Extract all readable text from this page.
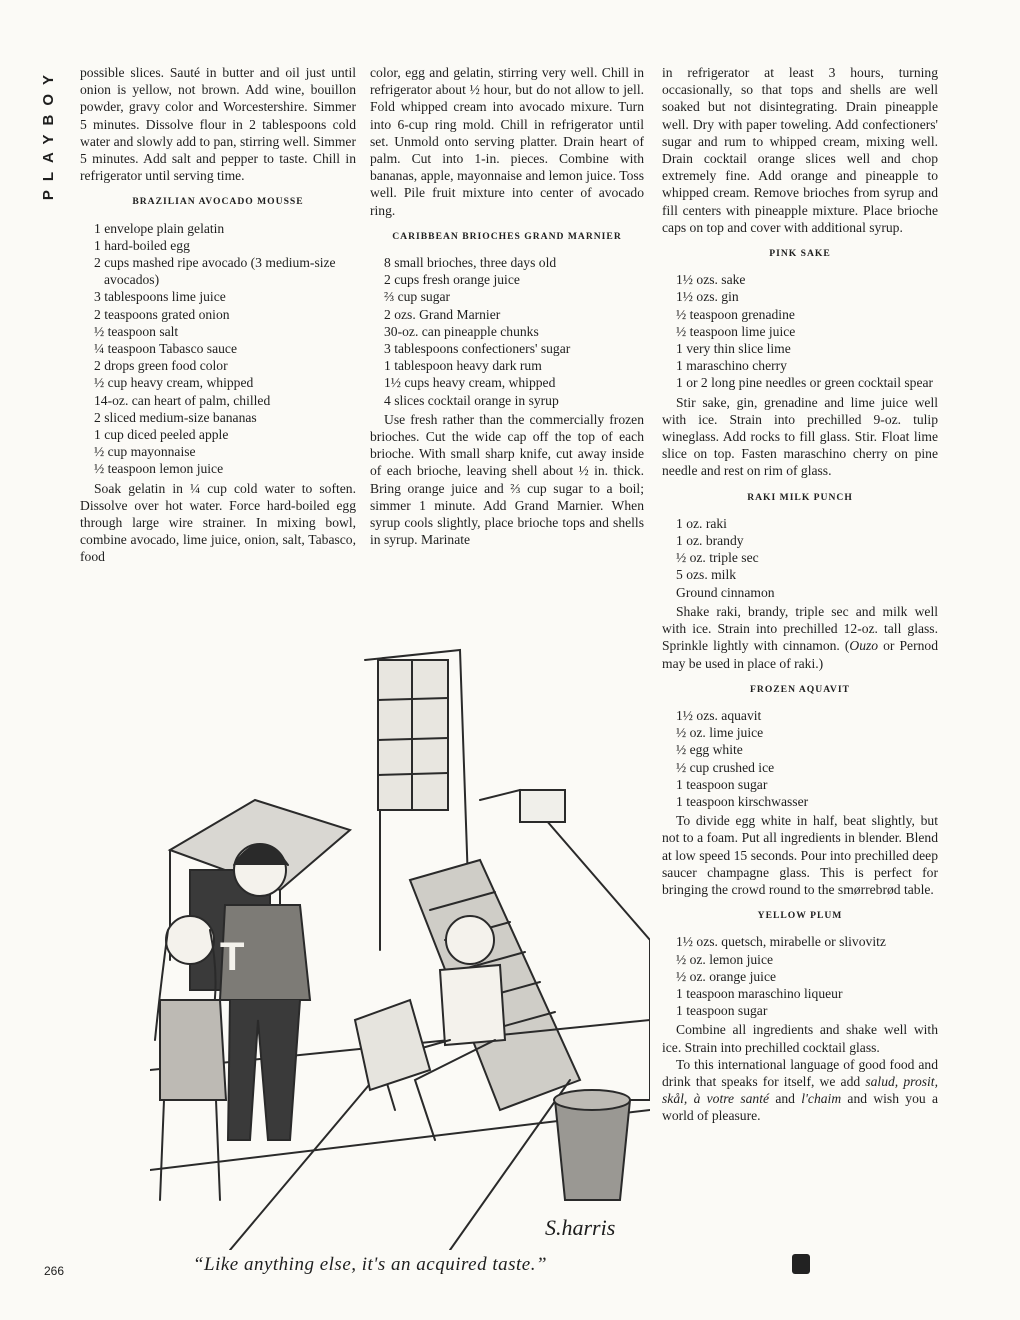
PLAYBOY	possible slices. Sauté in butter and oil just until onion is yellow, not brown. Add wine, bouillon powder, gravy color and Worcestershire. Simmer 5 minutes. Dissolve flour in 2 tablespoons cold water and slowly add to pan, stirring well. Simmer 5 minutes. Add salt and pepper to taste. Chill in refrigerator until serving time.

BRAZILIAN AVOCADO MOUSSE
1 envelope plain gelatin
1 hard-boiled egg
2 cups mashed ripe avocado (3 medium-size avocados)
3 tablespoons lime juice
2 teaspoons grated onion
½ teaspoon salt
¼ teaspoon Tabasco sauce
2 drops green food color
½ cup heavy cream, whipped
14-oz. can heart of palm, chilled
2 sliced medium-size bananas
1 cup diced peeled apple
½ cup mayonnaise
½ teaspoon lemon juice

Soak gelatin in ¼ cup cold water to soften. Dissolve over hot water. Force hard-boiled egg through large wire strainer. In mixing bowl, combine avocado, lime juice, onion, salt, Tabasco, food

color, egg and gelatin, stirring very well. Chill in refrigerator about ½ hour, but do not allow to jell. Fold whipped cream into avocado mixure. Turn into 6-cup ring mold. Chill in refrigerator until set. Unmold onto serving platter. Drain heart of palm. Cut into 1-in. pieces. Combine with bananas, apple, mayonnaise and lemon juice. Toss well. Pile fruit mixture into center of avocado ring.

CARIBBEAN BRIOCHES GRAND MARNIER
8 small brioches, three days old
2 cups fresh orange juice
⅔ cup sugar
2 ozs. Grand Marnier
30-oz. can pineapple chunks
3 tablespoons confectioners' sugar
1 tablespoon heavy dark rum
1½ cups heavy cream, whipped
4 slices cocktail orange in syrup

Use fresh rather than the commercially frozen brioches. Cut the wide cap off the top of each brioche. With small sharp knife, cut away inside of each brioche, leaving shell about ½ in. thick. Bring orange juice and ⅔ cup sugar to a boil; simmer 1 minute. Add Grand Marnier. When syrup cools slightly, place brioche tops and shells in syrup. Marinate

in refrigerator at least 3 hours, turning occasionally, so that tops and shells are well soaked but not disintegrating. Drain pineapple well. Dry with paper toweling. Add confectioners' sugar and rum to whipped cream, mixing well. Drain cocktail orange slices well and chop extremely fine. Add orange and pineapple to whipped cream. Remove brioches from syrup and fill centers with pineapple mixture. Place brioche caps on top and cover with additional syrup.

PINK SAKE
1½ ozs. sake
1½ ozs. gin
½ teaspoon grenadine
½ teaspoon lime juice
1 very thin slice lime
1 maraschino cherry
1 or 2 long pine needles or green cocktail spear

Stir sake, gin, grenadine and lime juice well with ice. Strain into prechilled 9-oz. tulip wineglass. Add rocks to fill glass. Stir. Float lime slice on top. Fasten maraschino cherry on pine needle and rest on rim of glass.

RAKI MILK PUNCH
1 oz. raki
1 oz. brandy
½ oz. triple sec
5 ozs. milk
Ground cinnamon

Shake raki, brandy, triple sec and milk well with ice. Strain into prechilled 12-oz. tall glass. Sprinkle lightly with cinnamon. (Ouzo or Pernod may be used in place of raki.)

FROZEN AQUAVIT
1½ ozs. aquavit
½ oz. lime juice
½ egg white
½ cup crushed ice
1 teaspoon sugar
1 teaspoon kirschwasser

To divide egg white in half, beat slightly, but not to a foam. Put all ingredients in blender. Blend at low speed 15 seconds. Pour into prechilled deep saucer champagne glass. This is perfect for bringing the crowd round to the smørrebrød table.

YELLOW PLUM
1½ ozs. quetsch, mirabelle or slivovitz
½ oz. lemon juice
½ oz. orange juice
1 teaspoon maraschino liqueur
1 teaspoon sugar

Combine all ingredients and shake well with ice. Strain into prechilled cocktail glass.

To this international language of good food and drink that speaks for itself, we add salud, prosit, skål, à votre santé and l'chaim and wish you a world of pleasure.

T
S.harris
“Like anything else, it's an acquired taste.”
266
